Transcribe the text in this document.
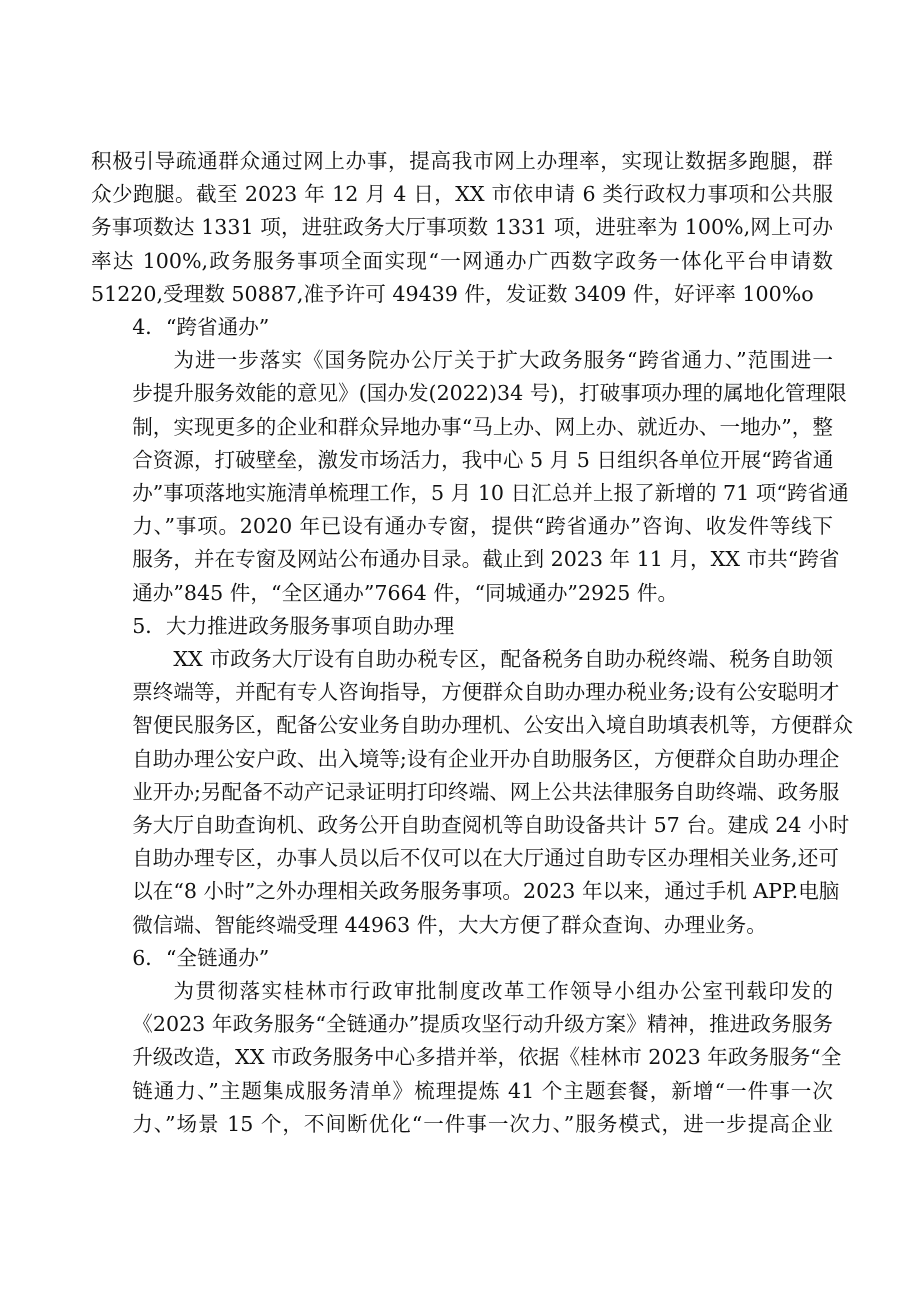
积极引导疏通群众通过网上办事，提高我市网上办理率，实现让数据多跑腿，群
众少跑腿。截至 2023 年 12 月 4 日，XX 市依申请 6 类行政权力事项和公共服
务事项数达 1331 项，进驻政务大厅事项数 1331 项，进驻率为 100%,网上可办
率达 100%,政务服务事项全面实现“一网通办广西数字政务一体化平台申请数
51220,受理数 50887,准予许可 49439 件，发证数 3409 件，好评率 100%o
4．“跨省通办”
为进一步落实《国务院办公厅关于扩大政务服务“跨省通力、”范围进一
步提升服务效能的意见》(国办发(2022)34 号)，打破事项办理的属地化管理限
制，实现更多的企业和群众异地办事“马上办、网上办、就近办、一地办”，整
合资源，打破壁垒，激发市场活力，我中心 5 月 5 日组织各单位开展“跨省通
办”事项落地实施清单梳理工作，5 月 10 日汇总并上报了新增的 71 项“跨省通
力、”事项。2020 年已设有通办专窗，提供“跨省通办”咨询、收发件等线下
服务，并在专窗及网站公布通办目录。截止到 2023 年 11 月，XX 市共“跨省
通办”845 件，“全区通办”7664 件，“同城通办”2925 件。
5．大力推进政务服务事项自助办理
XX 市政务大厅设有自助办税专区，配备税务自助办税终端、税务自助领
票终端等，并配有专人咨询指导，方便群众自助办理办税业务;设有公安聪明才
智便民服务区，配备公安业务自助办理机、公安出入境自助填表机等，方便群众
自助办理公安户政、出入境等;设有企业开办自助服务区，方便群众自助办理企
业开办;另配备不动产记录证明打印终端、网上公共法律服务自助终端、政务服
务大厅自助查询机、政务公开自助查阅机等自助设备共计 57 台。建成 24 小时
自助办理专区，办事人员以后不仅可以在大厅通过自助专区办理相关业务,还可
以在“8 小时”之外办理相关政务服务事项。2023 年以来，通过手机 APP.电脑
微信端、智能终端受理 44963 件，大大方便了群众查询、办理业务。
6．“全链通办”
为贯彻落实桂林市行政审批制度改革工作领导小组办公室刊载印发的
《2023 年政务服务“全链通办”提质攻坚行动升级方案》精神，推进政务服务
升级改造，XX 市政务服务中心多措并举，依据《桂林市 2023 年政务服务“全
链通力、”主题集成服务清单》梳理提炼 41 个主题套餐，新增“一件事一次
力、”场景 15 个，不间断优化“一件事一次力、”服务模式，进一步提高企业
